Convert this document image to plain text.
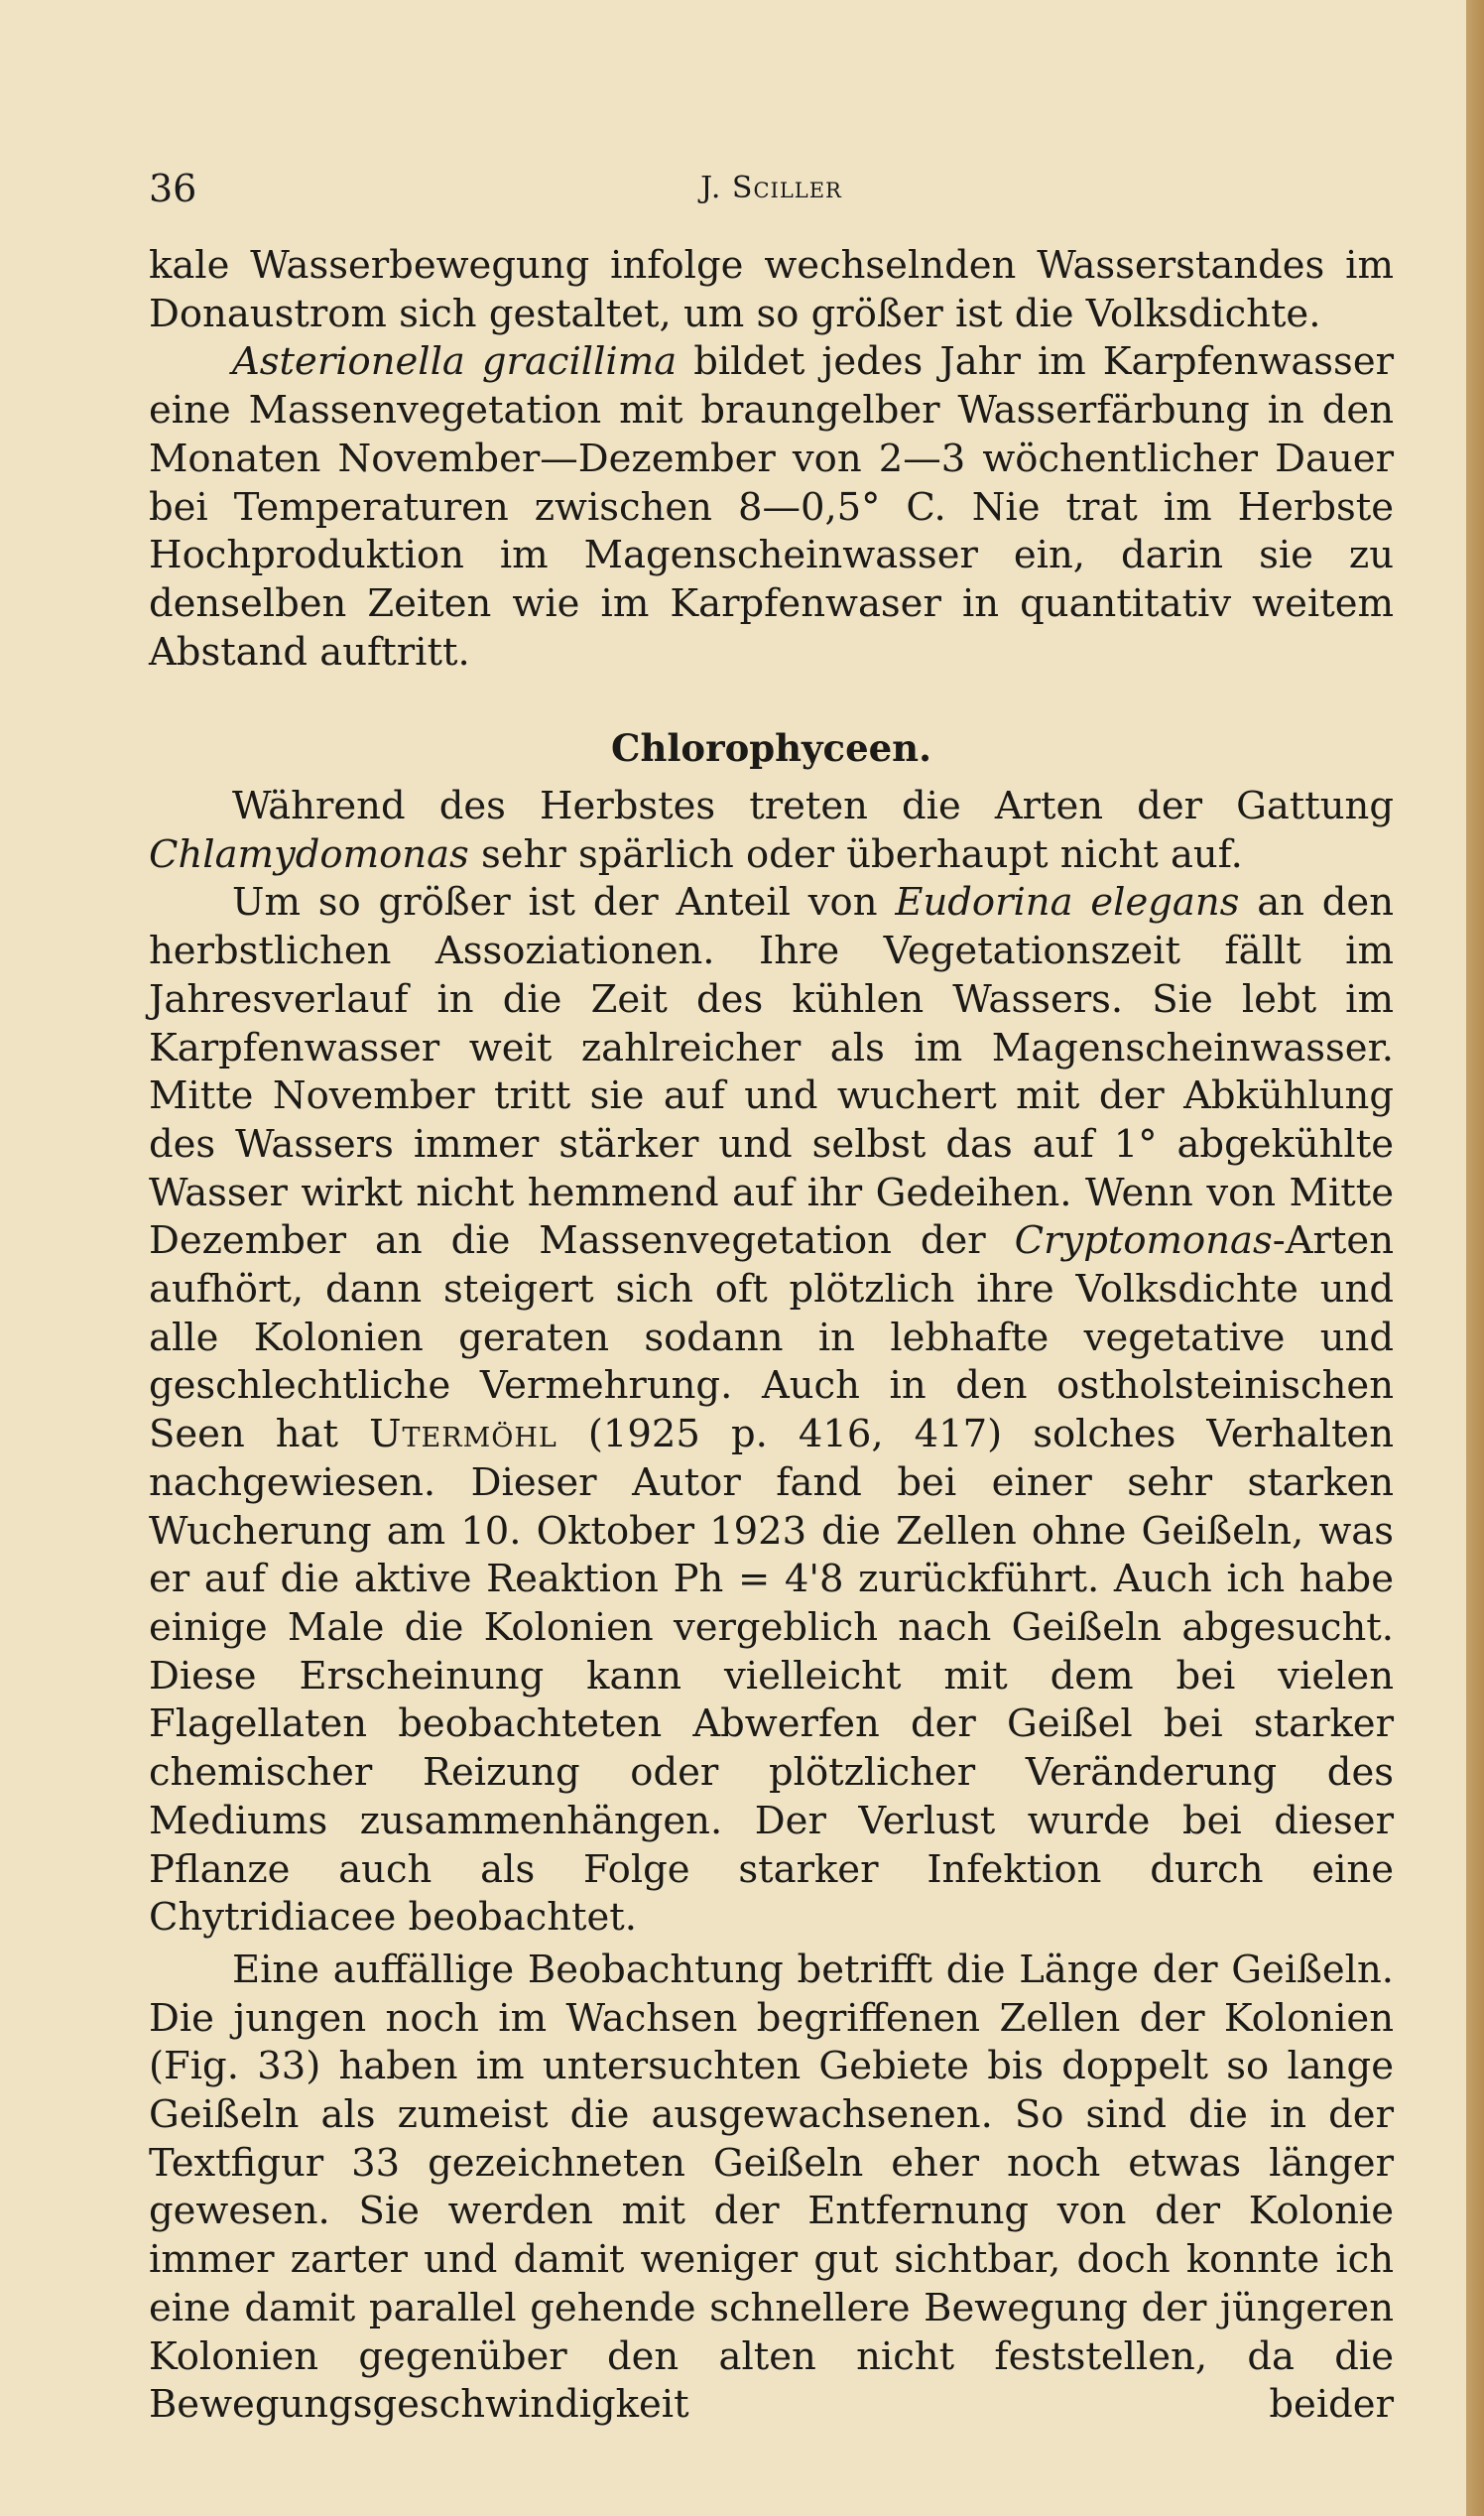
36	J. Sciller

kale Wasserbewegung infolge wechselnden Wasserstandes im Donaustrom sich gestaltet, um so größer ist die Volksdichte.

Asterionella gracillima bildet jedes Jahr im Karpfenwasser eine Massenvegetation mit braungelber Wasserfärbung in den Monaten November—Dezember von 2—3 wöchentlicher Dauer bei Temperaturen zwischen 8—0,5° C. Nie trat im Herbste Hochproduktion im Magenscheinwasser ein, darin sie zu denselben Zeiten wie im Karpfenwaser in quantitativ weitem Abstand auftritt.

Chlorophyceen.

Während des Herbstes treten die Arten der Gattung Chlamydomonas sehr spärlich oder überhaupt nicht auf.

Um so größer ist der Anteil von Eudorina elegans an den herbstlichen Assoziationen. Ihre Vegetationszeit fällt im Jahresverlauf in die Zeit des kühlen Wassers. Sie lebt im Karpfenwasser weit zahlreicher als im Magenscheinwasser. Mitte November tritt sie auf und wuchert mit der Abkühlung des Wassers immer stärker und selbst das auf 1° abgekühlte Wasser wirkt nicht hemmend auf ihr Gedeihen. Wenn von Mitte Dezember an die Massenvegetation der Cryptomonas-Arten aufhört, dann steigert sich oft plötzlich ihre Volksdichte und alle Kolonien geraten sodann in lebhafte vegetative und geschlechtliche Vermehrung. Auch in den ostholsteinischen Seen hat Utermöhl (1925 p. 416, 417) solches Verhalten nachgewiesen. Dieser Autor fand bei einer sehr starken Wucherung am 10. Oktober 1923 die Zellen ohne Geißeln, was er auf die aktive Reaktion Ph = 4'8 zurückführt. Auch ich habe einige Male die Kolonien vergeblich nach Geißeln abgesucht. Diese Erscheinung kann vielleicht mit dem bei vielen Flagellaten beobachteten Abwerfen der Geißel bei starker chemischer Reizung oder plötzlicher Veränderung des Mediums zusammenhängen. Der Verlust wurde bei dieser Pflanze auch als Folge starker Infektion durch eine Chytridiacee beobachtet.

Eine auffällige Beobachtung betrifft die Länge der Geißeln. Die jungen noch im Wachsen begriffenen Zellen der Kolonien (Fig. 33) haben im untersuchten Gebiete bis doppelt so lange Geißeln als zumeist die ausgewachsenen. So sind die in der Textfigur 33 gezeichneten Geißeln eher noch etwas länger gewesen. Sie werden mit der Entfernung von der Kolonie immer zarter und damit weniger gut sichtbar, doch konnte ich eine damit parallel gehende schnellere Bewegung der jüngeren Kolonien gegenüber den alten nicht feststellen, da die Bewegungsgeschwindigkeit beider
